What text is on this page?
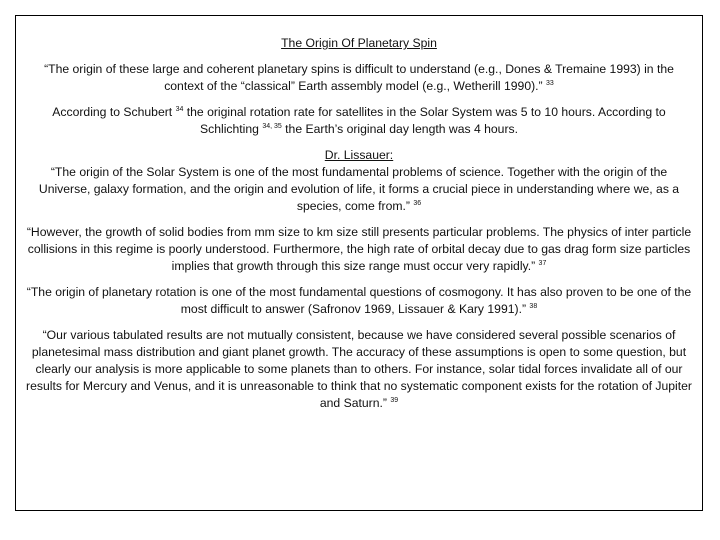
The Origin Of Planetary Spin

“The origin of these large and coherent planetary spins is difficult to understand (e.g., Dones & Tremaine 1993) in the context of the “classical” Earth assembly model (e.g., Wetherill 1990).” $^{33}$

According to Schubert $^{34}$ the original rotation rate for satellites in the Solar System was 5 to 10 hours. According to Schlichting $^{34, 35}$ the Earth’s original day length was 4 hours.

Dr. Lissauer:

“The origin of the Solar System is one of the most fundamental problems of science. Together with the origin of the Universe, galaxy formation, and the origin and evolution of life, it forms a crucial piece in understanding where we, as a species, come from.” $^{36}$

“However, the growth of solid bodies from mm size to km size still presents particular problems. The physics of inter particle collisions in this regime is poorly understood. Furthermore, the high rate of orbital decay due to gas drag form size particles implies that growth through this size range must occur very rapidly.” $^{37}$

“The origin of planetary rotation is one of the most fundamental questions of cosmogony. It has also proven to be one of the most difficult to answer (Safronov 1969, Lissauer & Kary 1991).” $^{38}$

“Our various tabulated results are not mutually consistent, because we have considered several possible scenarios of planetesimal mass distribution and giant planet growth. The accuracy of these assumptions is open to some question, but clearly our analysis is more applicable to some planets than to others. For instance, solar tidal forces invalidate all of our results for Mercury and Venus, and it is unreasonable to think that no systematic component exists for the rotation of Jupiter and Saturn.” $^{39}$
